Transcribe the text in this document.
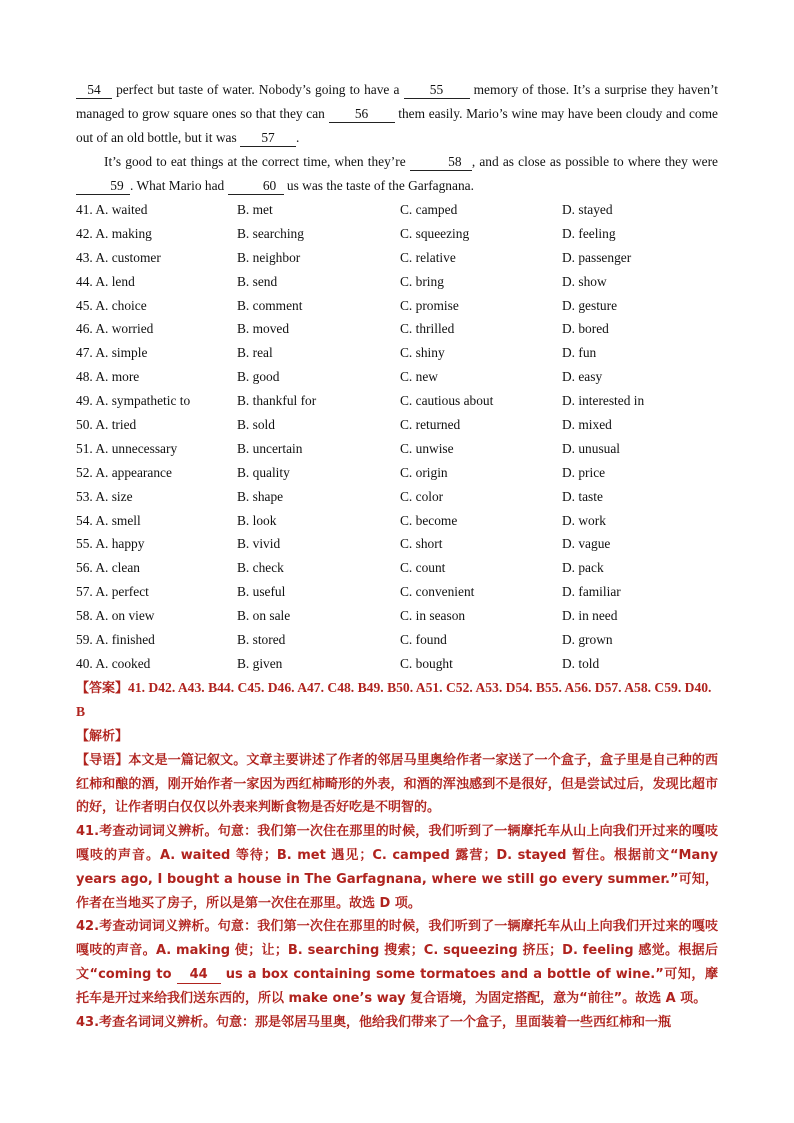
54 perfect but taste of water. Nobody’s going to have a 55 memory of those. It’s a surprise they haven’t managed to grow square ones so that they can 56 them easily. Mario’s wine may have been cloudy and come out of an old bottle, but it was 57 .

It’s good to eat things at the correct time, when they’re	58 , and as close as possible to where they were 59 . What Mario had	60 us was the taste of the Garfagnana.

41. A. waited	B. met	C. camped	D. stayed
42. A. making	B. searching	C. squeezing	D. feeling
43. A. customer	B. neighbor	C. relative	D. passenger
44. A. lend	B. send	C. bring	D. show
45. A. choice	B. comment	C. promise	D. gesture
46. A. worried	B. moved	C. thrilled	D. bored
47. A. simple	B. real	C. shiny	D. fun
48. A. more	B. good	C. new	D. easy
49. A. sympathetic to	B. thankful for	C. cautious about	D. interested in
50. A. tried	B. sold	C. returned	D. mixed
51. A. unnecessary	B. uncertain	C. unwise	D. unusual
52. A. appearance	B. quality	C. origin	D. price
53. A. size	B. shape	C. color	D. taste
54. A. smell	B. look	C. become	D. work
55. A. happy	B. vivid	C. short	D. vague
56. A. clean	B. check	C. count	D. pack
57. A. perfect	B. useful	C. convenient	D. familiar
58. A. on view	B. on sale	C. in season	D. in need
59. A. finished	B. stored	C. found	D. grown
40. A. cooked	B. given	C. bought	D. told
【答案】41. D42. A43. B44. C45. D46. A47. C48. B49. B50. A51. C52. A53. D54. B55. A56. D57. A58. C59. D40. B
【解析】

【导语】本文是一篇记叙文。文章主要讲述了作者的邻居马里奥给作者一家送了一个盒子，盒子里是自己种的西红柿和酿的酒，刚开始作者一家因为西红柿畸形的外表，和酒的浑浊感到不是很好，但是尝试过后，发现比超市的好，让作者明白仅仅以外表来判断食物是否好吃是不明智的。

41.考查动词词义辨析。句意：我们第一次住在那里的时候，我们听到了一辆摩托车从山上向我们开过来的嘎吱嘎吱的声音。A. waited 等待；B. met 遇见；C. camped 露营；D. stayed 暂住。根据前文“Many years ago, I bought a house in The Garfagnana, where we still go every summer.”可知，作者在当地买了房子，所以是第一次住在那里。故选 D 项。

42.考查动词词义辨析。句意：我们第一次住在那里的时候，我们听到了一辆摩托车从山上向我们开过来的嘎吱嘎吱的声音。A. making 使；让；B. searching 搜索；C. squeezing 挤压；D. feeling 感觉。根据后文“coming to 44 us a box containing some tormatoes and a bottle of wine.”可知，摩托车是开过来给我们送东西的，所以 make one’s way 复合语境，为固定搭配，意为“前往”。故选 A 项。

43.考查名词词义辨析。句意：那是邻居马里奥，他给我们带来了一个盒子，里面装着一些西红柿和一瓶
